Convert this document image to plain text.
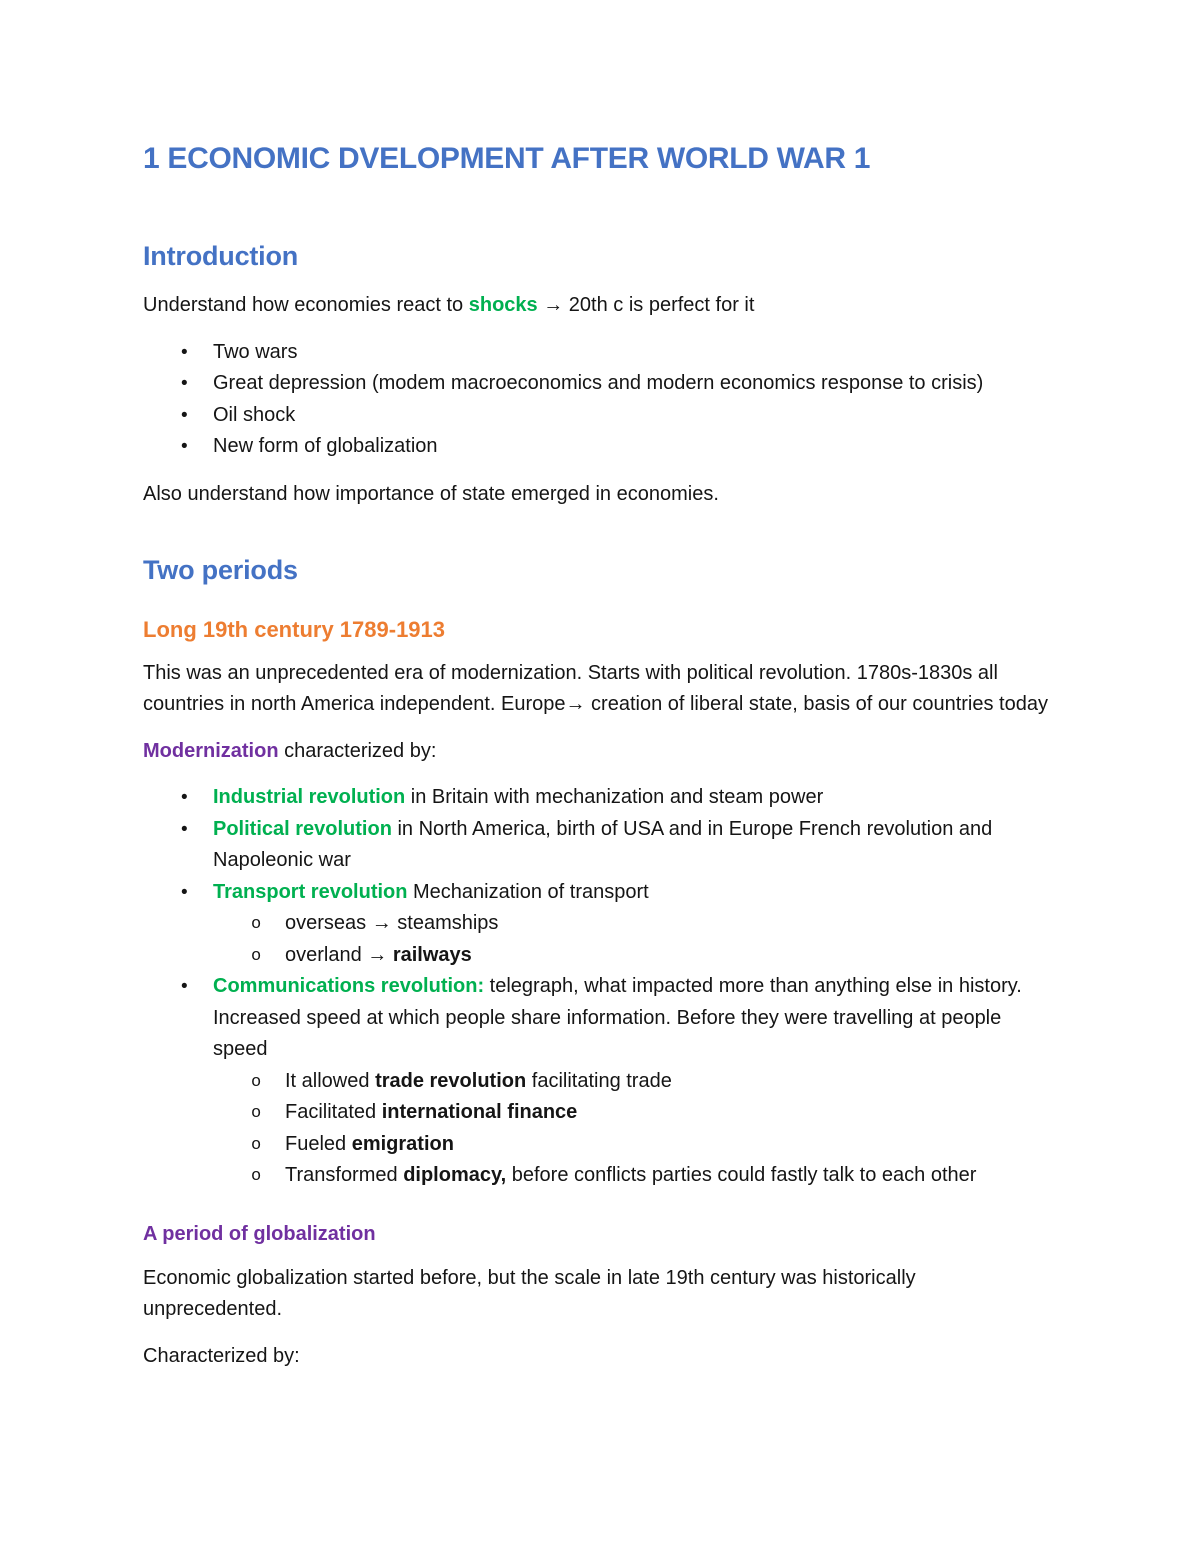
1 ECONOMIC DVELOPMENT AFTER WORLD WAR 1
Introduction

Understand how economies react to shocks → 20th c is perfect for it

• Two wars
• Great depression (modem macroeconomics and modern economics response to crisis)
• Oil shock
• New form of globalization

Also understand how importance of state emerged in economies.

Two periods
Long 19th century 1789-1913

This was an unprecedented era of modernization. Starts with political revolution. 1780s-1830s all countries in north America independent. Europe→ creation of liberal state, basis of our countries today

Modernization characterized by:

• Industrial revolution in Britain with mechanization and steam power
• Political revolution in North America, birth of USA and in Europe French revolution and Napoleonic war
• Transport revolution Mechanization of transport
o overseas → steamships
o overland → railways
• Communications revolution: telegraph, what impacted more than anything else in history. Increased speed at which people share information. Before they were travelling at people speed
o It allowed trade revolution facilitating trade
o Facilitated international finance
o Fueled emigration
o Transformed diplomacy, before conflicts parties could fastly talk to each other
A period of globalization

Economic globalization started before, but the scale in late 19th century was historically unprecedented.

Characterized by:
